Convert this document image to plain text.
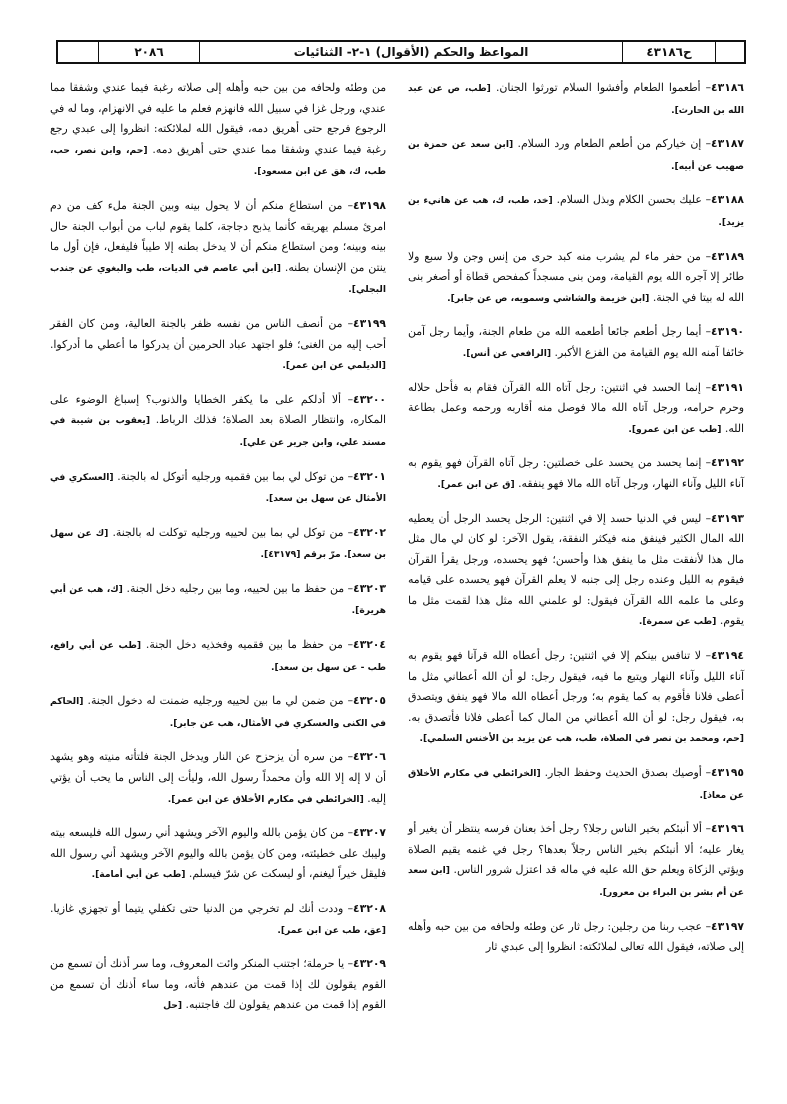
ح٤٣١٨٦
المواعظ والحكم (الأقوال) ١-٢- الثنائيات
٢٠٨٦

٤٣١٨٦– أطعموا الطعام وأفشوا السلام تورثوا الجنان. [طب، ص عن عبد الله بن الحارث].

٤٣١٨٧– إن خياركم من أطعم الطعام ورد السلام. [ابن سعد عن حمزة بن صهيب عن أبيه].

٤٣١٨٨– عليك بحسن الكلام وبذل السلام. [خد، طب، ك، هب عن هانيء بن يزيد].

٤٣١٨٩– من حفر ماء لم يشرب منه كبد حرى من إنس وجن ولا سبع ولا طائر إلا آجره الله يوم القيامة، ومن بنى مسجداً كمفحص قطاة أو أصغر بنى الله له بيتا في الجنة. [ابن خزيمة والشاشي وسمويه، ص عن جابر].

٤٣١٩٠– أيما رجل أطعم جائعا أطعمه الله من طعام الجنة، وأيما رجل آمن خائفا آمنه الله يوم القيامة من الفزع الأكبر. [الرافعي عن أنس].

٤٣١٩١– إنما الحسد في اثنتين: رجل آتاه الله القرآن فقام به فأحل حلاله وحرم حرامه، ورجل آتاه الله مالا فوصل منه أقاربه ورحمه وعمل بطاعة الله. [طب عن ابن عمرو].

٤٣١٩٢– إنما يحسد من يحسد على خصلتين: رجل آتاه القرآن فهو يقوم به آناء الليل وآناء النهار، ورجل آتاه الله مالا فهو ينفقه. [ق عن ابن عمر].

٤٣١٩٣– ليس في الدنيا حسد إلا في اثنتين: الرجل يحسد الرجل أن يعطيه الله المال الكثير فينفق منه فيكثر النفقة، يقول الآخر: لو كان لي مال مثل مال هذا لأنفقت مثل ما ينفق هذا وأحسن؛ فهو يحسده، ورجل يقرأ القرآن فيقوم به الليل وعنده رجل إلى جنبه لا يعلم القرآن فهو يحسده على قيامه وعلى ما علمه الله القرآن فيقول: لو علمني الله مثل هذا لقمت مثل ما يقوم. [طب عن سمرة].

٤٣١٩٤– لا تنافس بينكم إلا في اثنتين: رجل أعطاه الله قرآنا فهو يقوم به آناء الليل وآناء النهار ويتبع ما فيه، فيقول رجل: لو أن الله أعطاني مثل ما أعطى فلانا فأقوم به كما يقوم به؛ ورجل أعطاه الله مالا فهو ينفق ويتصدق به، فيقول رجل: لو أن الله أعطاني من المال كما أعطى فلانا فأتصدق به. [حم، ومحمد بن نصر في الصلاة، طب، هب عن يزيد بن الأخنس السلمي].

٤٣١٩٥– أوصيك بصدق الحديث وحفظ الجار. [الخرائطي في مكارم الأخلاق عن معاذ].

٤٣١٩٦– ألا أنبئكم بخير الناس رجلا؟ رجل أخذ بعنان فرسه ينتظر أن يغير أو يغار عليه؛ ألا أنبئكم بخير الناس رجلاً بعدها؟ رجل في غنمه يقيم الصلاة ويؤتي الزكاة ويعلم حق الله عليه في ماله قد اعتزل شرور الناس. [ابن سعد عن أم بشر بن البراء بن معرور].

٤٣١٩٧– عجب ربنا من رجلين: رجل ثار عن وطئه ولحافه من بين حبه وأهله إلى صلاته، فيقول الله تعالى لملائكته: انظروا إلى عبدي ثار

من وطئه ولحافه من بين حبه وأهله إلى صلاته رغبة فيما عندي وشفقا مما عندي، ورجل غزا في سبيل الله فانهزم فعلم ما عليه في الانهزام، وما له في الرجوع فرجع حتى أهريق دمه، فيقول الله لملائكته: انظروا إلى عبدي رجع رغبة فيما عندي وشفقا مما عندي حتى أهريق دمه. [حم، وابن نصر، حب، طب، ك، هق عن ابن مسعود].

٤٣١٩٨– من استطاع منكم أن لا يحول بينه وبين الجنة ملء كف من دم امرئ مسلم يهريقه كأنما يذبح دجاجة، كلما يقوم لباب من أبواب الجنة حال بينه وبينه؛ ومن استطاع منكم أن لا يدخل بطنه إلا طيباً فليفعل، فإن أول ما ينتن من الإنسان بطنه. [ابن أبي عاصم في الديات، طب والبغوي عن جندب البجلي].

٤٣١٩٩– من أنصف الناس من نفسه ظفر بالجنة العالية، ومن كان الفقر أحب إليه من الغنى؛ فلو اجتهد عباد الحرمين أن يدركوا ما أعطي ما أدركوا. [الديلمي عن ابن عمر].

٤٣٢٠٠– ألا أدلكم على ما يكفر الخطايا والذنوب؟ إسباغ الوضوء على المكاره، وانتظار الصلاة بعد الصلاة؛ فذلك الرباط. [يعقوب بن شيبة في مسند علي، وابن جرير عن علي].

٤٣٢٠١– من توكل لي بما بين فقميه ورجليه أتوكل له بالجنة. [العسكري في الأمثال عن سهل بن سعد].

٤٣٢٠٢– من توكل لي بما بين لحييه ورجليه توكلت له بالجنة. [ك عن سهل بن سعد]. مرّ برقم [٤٣١٧٩].

٤٣٢٠٣– من حفظ ما بين لحييه، وما بين رجليه دخل الجنة. [ك، هب عن أبي هريرة].

٤٣٢٠٤– من حفظ ما بين فقميه وفخذيه دخل الجنة. [طب عن أبي رافع، طب - عن سهل بن سعد].

٤٣٢٠٥– من ضمن لي ما بين لحييه ورجليه ضمنت له دخول الجنة. [الحاكم في الكنى والعسكري في الأمثال، هب عن جابر].

٤٣٢٠٦– من سره أن يزحزح عن النار ويدخل الجنة فلتأته منيته وهو يشهد أن لا إله إلا الله وأن محمداً رسول الله، وليأت إلى الناس ما يحب أن يؤتي إليه. [الخرائطي في مكارم الأخلاق عن ابن عمر].

٤٣٢٠٧– من كان يؤمن بالله واليوم الآخر ويشهد أني رسول الله فليسعه بيته وليبك على خطيئته، ومن كان يؤمن بالله واليوم الآخر ويشهد أني رسول الله فليقل خيراً ليغنم، أو ليسكت عن شرّ فيسلم. [طب عن أبي أمامة].

٤٣٢٠٨– وددت أنك لم تخرجي من الدنيا حتى تكفلي يتيما أو تجهزي غازيا. [عق، طب عن ابن عمر].

٤٣٢٠٩– يا حرملة؛ اجتنب المنكر وائت المعروف، وما سر أذنك أن تسمع من القوم يقولون لك إذا قمت من عندهم فأته، وما ساء أذنك أن تسمع من القوم إذا قمت من عندهم يقولون لك فاجتنبه. [حل
